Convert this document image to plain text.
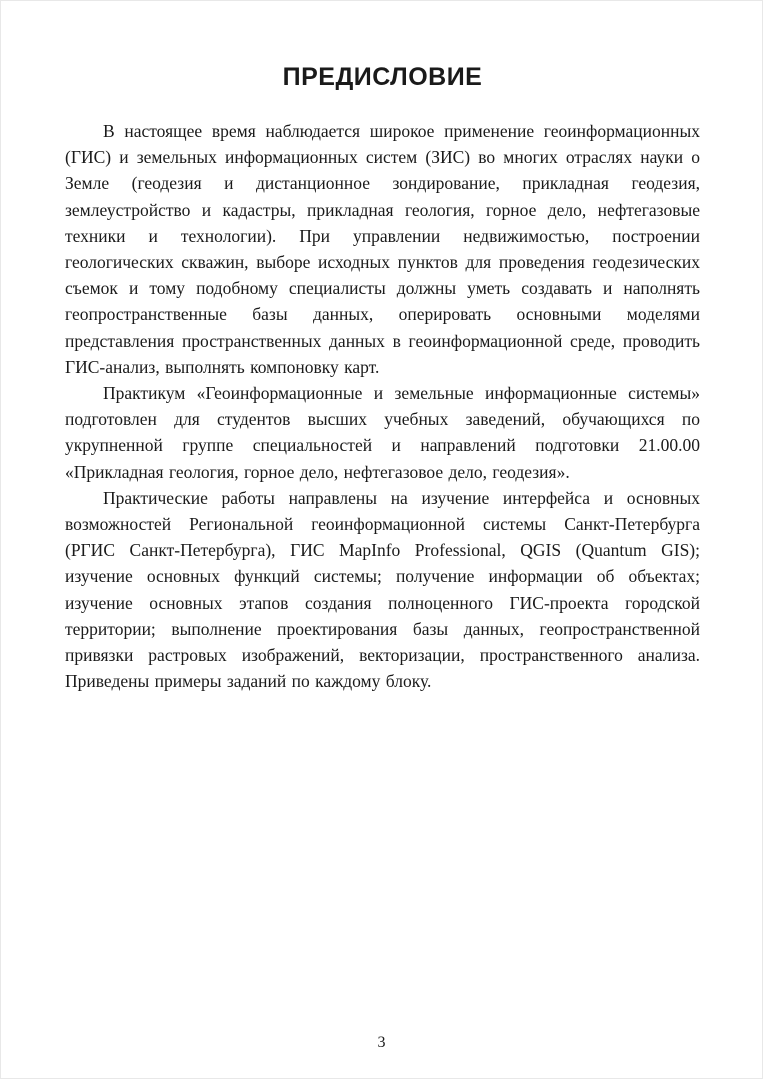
ПРЕДИСЛОВИЕ

В настоящее время наблюдается широкое применение геоинформационных (ГИС) и земельных информационных систем (ЗИС) во многих отраслях науки о Земле (геодезия и дистанционное зондирование, прикладная геодезия, землеустройство и кадастры, прикладная геология, горное дело, нефтегазовые техники и технологии). При управлении недвижимостью, построении геологических скважин, выборе исходных пунктов для проведения геодезических съемок и тому подобному специалисты должны уметь создавать и наполнять геопространственные базы данных, оперировать основными моделями представления пространственных данных в геоинформационной среде, проводить ГИС-анализ, выполнять компоновку карт.

Практикум «Геоинформационные и земельные информационные системы» подготовлен для студентов высших учебных заведений, обучающихся по укрупненной группе специальностей и направлений подготовки 21.00.00 «Прикладная геология, горное дело, нефтегазовое дело, геодезия».

Практические работы направлены на изучение интерфейса и основных возможностей Региональной геоинформационной системы Санкт-Петербурга (РГИС Санкт-Петербурга), ГИС MapInfo Professional, QGIS (Quantum GIS); изучение основных функций системы; получение информации об объектах; изучение основных этапов создания полноценного ГИС-проекта городской территории; выполнение проектирования базы данных, геопространственной привязки растровых изображений, векторизации, пространственного анализа. Приведены примеры заданий по каждому блоку.

3
